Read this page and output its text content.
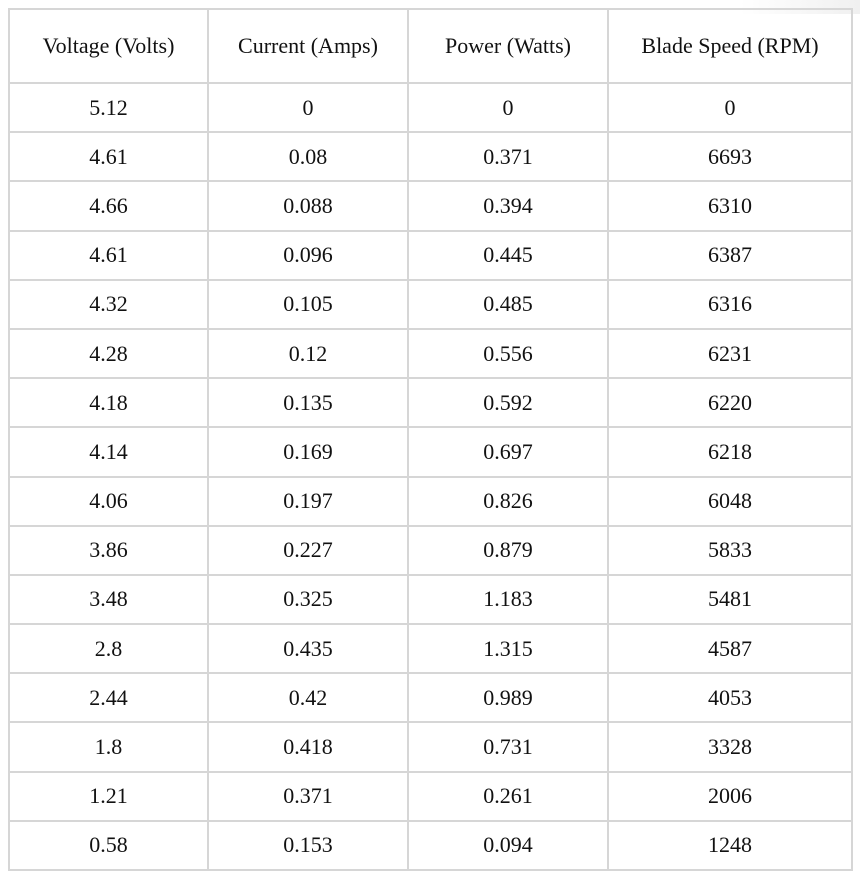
Voltage (Volts)	Current (Amps)	Power (Watts)	Blade Speed (RPM)
5.12	0	0	0
4.61	0.08	0.371	6693
4.66	0.088	0.394	6310
4.61	0.096	0.445	6387
4.32	0.105	0.485	6316
4.28	0.12	0.556	6231
4.18	0.135	0.592	6220
4.14	0.169	0.697	6218
4.06	0.197	0.826	6048
3.86	0.227	0.879	5833
3.48	0.325	1.183	5481
2.8	0.435	1.315	4587
2.44	0.42	0.989	4053
1.8	0.418	0.731	3328
1.21	0.371	0.261	2006
0.58	0.153	0.094	1248
